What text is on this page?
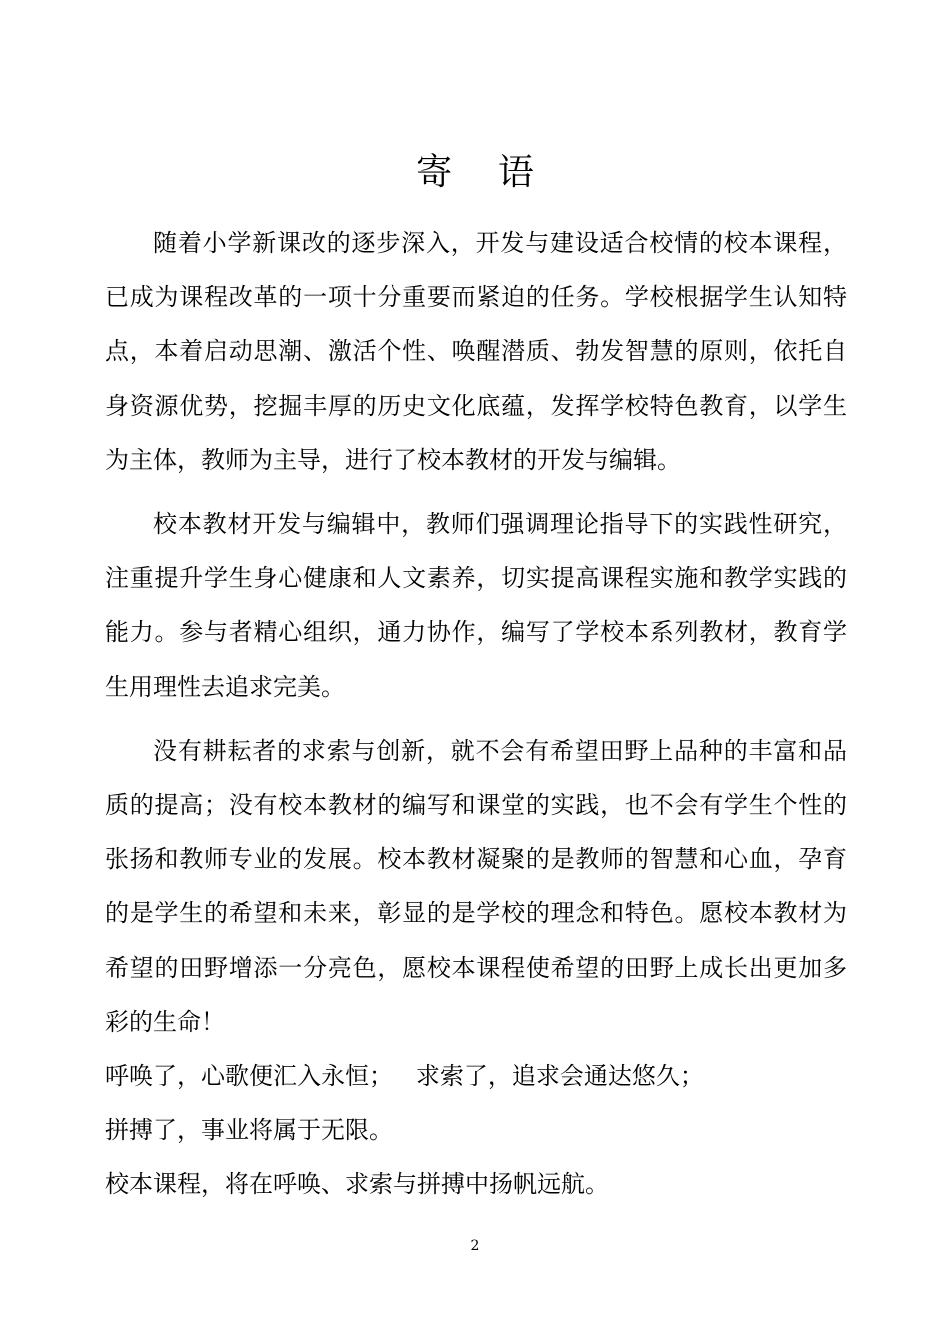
寄    语

随着小学新课改的逐步深入，开发与建设适合校情的校本课程，已成为课程改革的一项十分重要而紧迫的任务。学校根据学生认知特点，本着启动思潮、激活个性、唤醒潜质、勃发智慧的原则，依托自身资源优势，挖掘丰厚的历史文化底蕴，发挥学校特色教育，以学生为主体，教师为主导，进行了校本教材的开发与编辑。

校本教材开发与编辑中，教师们强调理论指导下的实践性研究，注重提升学生身心健康和人文素养，切实提高课程实施和教学实践的能力。参与者精心组织，通力协作，编写了学校本系列教材，教育学生用理性去追求完美。

没有耕耘者的求索与创新，就不会有希望田野上品种的丰富和品质的提高；没有校本教材的编写和课堂的实践，也不会有学生个性的张扬和教师专业的发展。校本教材凝聚的是教师的智慧和心血，孕育的是学生的希望和未来，彰显的是学校的理念和特色。愿校本教材为希望的田野增添一分亮色，愿校本课程使希望的田野上成长出更加多彩的生命！

呼唤了，心歌便汇入永恒；   求索了，追求会通达悠久；

拼搏了，事业将属于无限。

校本课程，将在呼唤、求索与拼搏中扬帆远航。

2
